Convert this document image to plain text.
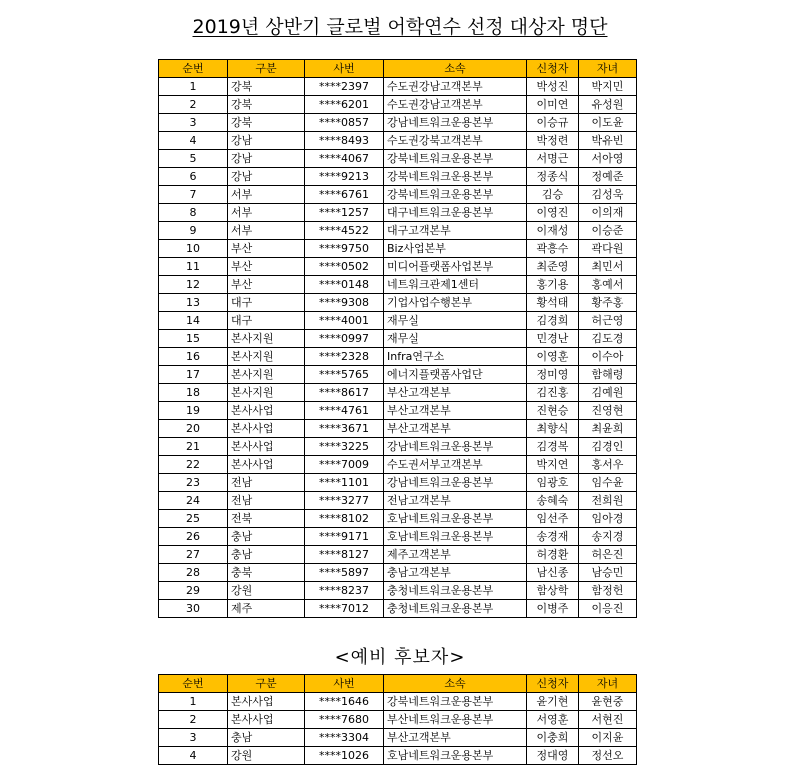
2019년 상반기 글로벌 어학연수 선정 대상자 명단
순번	구분	사번	소속	신청자	자녀
1	강북	****2397	수도권강남고객본부	박성진	박지민
2	강북	****6201	수도권강남고객본부	이미연	유성원
3	강북	****0857	강남네트워크운용본부	이승규	이도윤
4	강남	****8493	수도권강북고객본부	박정련	박유빈
5	강남	****4067	강북네트워크운용본부	서명근	서아영
6	강남	****9213	강북네트워크운용본부	정종식	정예준
7	서부	****6761	강북네트워크운용본부	김승	김성욱
8	서부	****1257	대구네트워크운용본부	이영진	이의재
9	서부	****4522	대구고객본부	이재성	이승준
10	부산	****9750	Biz사업본부	곽흥수	곽다원
11	부산	****0502	미디어플랫폼사업본부	최준영	최민서
12	부산	****0148	네트워크관제1센터	홍기용	홍예서
13	대구	****9308	기업사업수행본부	황석태	황주홍
14	대구	****4001	재무실	김경희	허근영
15	본사지원	****0997	재무실	민경난	김도경
16	본사지원	****2328	Infra연구소	이영훈	이수아
17	본사지원	****5765	에너지플랫폼사업단	정미영	함해령
18	본사지원	****8617	부산고객본부	김진홍	김예원
19	본사사업	****4761	부산고객본부	진현승	진영현
20	본사사업	****3671	부산고객본부	최향식	최윤희
21	본사사업	****3225	강남네트워크운용본부	김경복	김경인
22	본사사업	****7009	수도권서부고객본부	박지연	홍서우
23	전남	****1101	강남네트워크운용본부	임광호	임수윤
24	전남	****3277	전남고객본부	송혜숙	전희원
25	전북	****8102	호남네트워크운용본부	임선주	임아경
26	충남	****9171	호남네트워크운용본부	송경재	송지경
27	충남	****8127	제주고객본부	허경환	허은진
28	충북	****5897	충남고객본부	남신종	남승민
29	강원	****8237	충청네트워크운용본부	함상학	함정헌
30	제주	****7012	충청네트워크운용본부	이병주	이응진
<예비 후보자>
순번	구분	사번	소속	신청자	자녀
1	본사사업	****1646	강북네트워크운용본부	윤기현	윤현중
2	본사사업	****7680	부산네트워크운용본부	서영훈	서현진
3	충남	****3304	부산고객본부	이충희	이지윤
4	강원	****1026	호남네트워크운용본부	정대영	정선오
